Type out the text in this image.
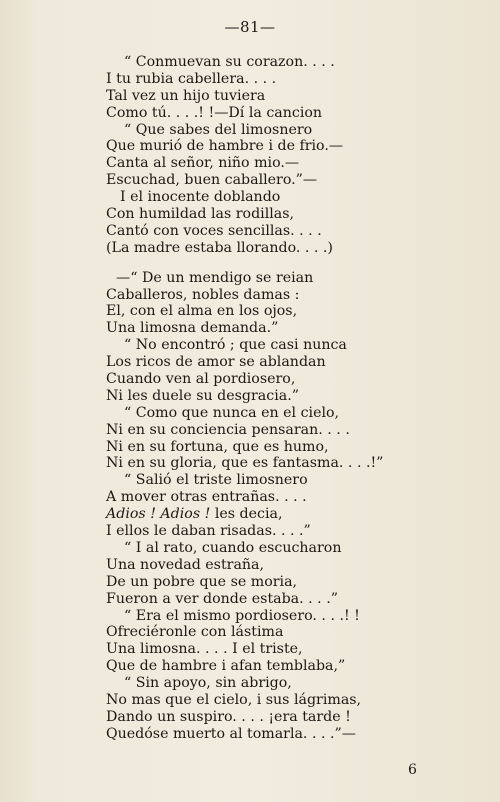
—81—
“ Conmuevan su corazon. . . .
I tu rubia cabellera. . . .
Tal vez un hijo tuviera
Como tú. . . .! !—Dí la cancion
“ Que sabes del limosnero
Que murió de hambre i de frio.—
Canta al señor, niño mio.—
Escuchad, buen caballero.”—
I el inocente doblando
Con humildad las rodillas,
Cantó con voces sencillas. . . .
(La madre estaba llorando. . . .)
—“ De un mendigo se reian
Caballeros, nobles damas :
El, con el alma en los ojos,
Una limosna demanda.”
“ No encontró ; que casi nunca
Los ricos de amor se ablandan
Cuando ven al pordiosero,
Ni les duele su desgracia.”
“ Como que nunca en el cielo,
Ni en su conciencia pensaran. . . .
Ni en su fortuna, que es humo,
Ni en su gloria, que es fantasma. . . .!”
“ Salió el triste limosnero
A mover otras entrañas. . . .
Adios ! Adios ! les decia,
I ellos le daban risadas. . . .”
“ I al rato, cuando escucharon
Una novedad estraña,
De un pobre que se moria,
Fueron a ver donde estaba. . . .”
“ Era el mismo pordiosero. . . .! !
Ofreciéronle con lástima
Una limosna. . . . I el triste,
Que de hambre i afan temblaba,”
“ Sin apoyo, sin abrigo,
No mas que el cielo, i sus lágrimas,
Dando un suspiro. . . . ¡era tarde !
Quedóse muerto al tomarla. . . .”—
6
